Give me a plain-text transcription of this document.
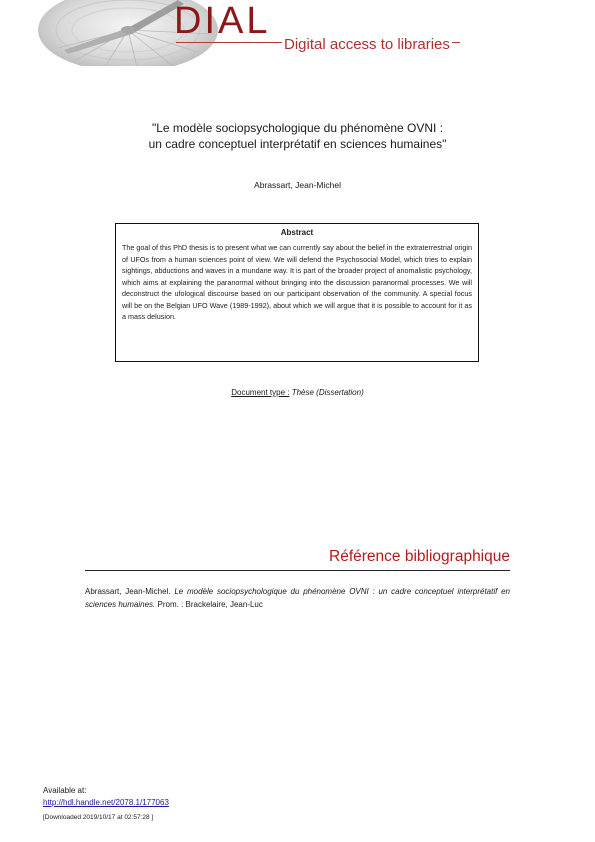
DIAL
Digital access to libraries
"Le modèle sociopsychologique du phénomène OVNI :
un cadre conceptuel interprétatif en sciences humaines"
Abrassart, Jean-Michel
Abstract
The goal of this PhD thesis is to present what we can currently say about the belief in the extraterrestrial origin of UFOs from a human sciences point of view. We will defend the Psychosocial Model, which tries to explain sightings, abductions and waves in a mundane way. It is part of the broader project of anomalistic psychology, which aims at explaining the paranormal without bringing into the discussion paranormal processes. We will deconstruct the ufological discourse based on our participant observation of the community. A special focus will be on the Belgian UFO Wave (1989-1992), about which we will argue that it is possible to account for it as a mass delusion.
Document type : Thèse (Dissertation)
Référence bibliographique
Abrassart, Jean-Michel. Le modèle sociopsychologique du phénomène OVNI : un cadre conceptuel interprétatif en sciences humaines. Prom. : Brackelaire, Jean-Luc
Available at:
http://hdl.handle.net/2078.1/177063
[Downloaded 2019/10/17 at 02:57:28 ]
